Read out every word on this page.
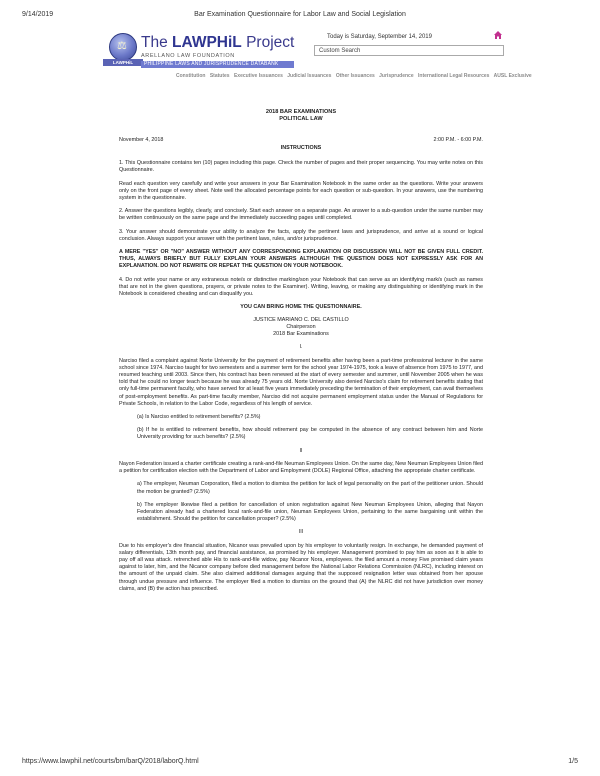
9/14/2019	Bar Examination Questionnaire for Labor Law and Social Legislation
⚖
LAWPHiL
The LAWPHiL Project
ARELLANO LAW FOUNDATION
PHILIPPINE LAWS AND JURISPRUDENCE DATABANK
Today is Saturday, September 14, 2019
Custom Search
Constitution Statutes Executive Issuances Judicial Issuances Other Issuances Jurisprudence International Legal Resources AUSL Exclusive
2018 BAR EXAMINATIONS
POLITICAL LAW
November 4, 2018	2:00 P.M. - 6:00 P.M.
INSTRUCTIONS

1. This Questionnaire contains ten (10) pages including this page. Check the number of pages and their proper sequencing. You may write notes on this Questionnaire.

Read each question very carefully and write your answers in your Bar Examination Notebook in the same order as the questions. Write your answers only on the front page of every sheet. Note well the allocated percentage points for each question or sub-question. In your answers, use the numbering system in the questionnaire.

2. Answer the questions legibly, clearly, and concisely. Start each answer on a separate page. An answer to a sub-question under the same number may be written continuously on the same page and the immediately succeeding pages until completed.

3. Your answer should demonstrate your ability to analyze the facts, apply the pertinent laws and jurisprudence, and arrive at a sound or logical conclusion. Always support your answer with the pertinent laws, rules, and/or jurisprudence.

A MERE "YES" OR "NO" ANSWER WITHOUT ANY CORRESPONDING EXPLANATION OR DISCUSSION WILL NOT BE GIVEN FULL CREDIT. THUS, ALWAYS BRIEFLY BUT FULLY EXPLAIN YOUR ANSWERS ALTHOUGH THE QUESTION DOES NOT EXPRESSLY ASK FOR AN EXPLANATION. DO NOT REWRITE OR REPEAT THE QUESTION ON YOUR NOTEBOOK.

4. Do not write your name or any extraneous note/s or distinctive marking/son your Notebook that can serve as an identifying mark/s (such as names that are not in the given questions, prayers, or private notes to the Examiner). Writing, leaving, or making any distinguishing or identifying mark in the Notebook is considered cheating and can disqualify you.

YOU CAN BRING HOME THE QUESTIONNAIRE.
JUSTICE MARIANO C. DEL CASTILLO
Chairperson
2018 Bar Examinations
I.

Narciso filed a complaint against Norte University for the payment of retirement benefits after having been a part-time professional lecturer in the same school since 1974. Narciso taught for two semesters and a summer term for the school year 1974-1975, took a leave of absence from 1975 to 1977, and resumed teaching until 2003. Since then, his contract has been renewed at the start of every semester and summer, until November 2005 when he was told that he could no longer teach because he was already 75 years old. Norte University also denied Narciso's claim for retirement benefits stating that only full-time permanent faculty, who have served for at least five years immediately preceding the termination of their employment, can avail themselves of post-employment benefits. As part-time faculty member, Narciso did not acquire permanent employment status under the Manual of Regulations for Private Schools, in relation to the Labor Code, regardless of his length of service.

(a) Is Narciso entitled to retirement benefits? (2.5%)

(b) If he is entitled to retirement benefits, how should retirement pay be computed in the absence of any contract between him and Norte University providing for such benefits? (2.5%)

II

Nayon Federation issued a charter certificate creating a rank-and-file Neuman Employees Union. On the same day, New Neuman Employees Union filed a petition for certification election with the Department of Labor and Employment (DOLE) Regional Office, attaching the appropriate charter certificate.

a) The employer, Neuman Corporation, filed a motion to dismiss the petition for lack of legal personality on the part of the petitioner union. Should the motion be granted? (2.5%)

b) The employer likewise filed a petition for cancellation of union registration against New Neuman Employees Union, alleging that Nayon Federation already had a chartered local rank-and-file union, Neuman Employees Union, pertaining to the same bargaining unit within the establishment. Should the petition for cancellation prosper? (2.5%)

III

Due to his employer's dire financial situation, Nicanor was prevailed upon by his employer to voluntarily resign. In exchange, he demanded payment of salary differentials, 13th month pay, and financial assistance, as promised by his employer. Management promised to pay him as soon as it is able to pay off all was attack. retrenched able His to rank-and-file widow, pay Nicanor Nora, employees. the filed amount a money Five promised claim years against to later, him, and the Nicanor company before died management before the National Labor Relations Commission (NLRC), including interest on the amount of the unpaid claim. She also claimed additional damages arguing that the supposed resignation letter was obtained from her spouse through undue pressure and influence. The employer filed a motion to dismiss on the ground that (A) the NLRC did not have jurisdiction over money claims, and (B) the action has prescribed.

https://www.lawphil.net/courts/bm/barQ/2018/laborQ.html	1/5
